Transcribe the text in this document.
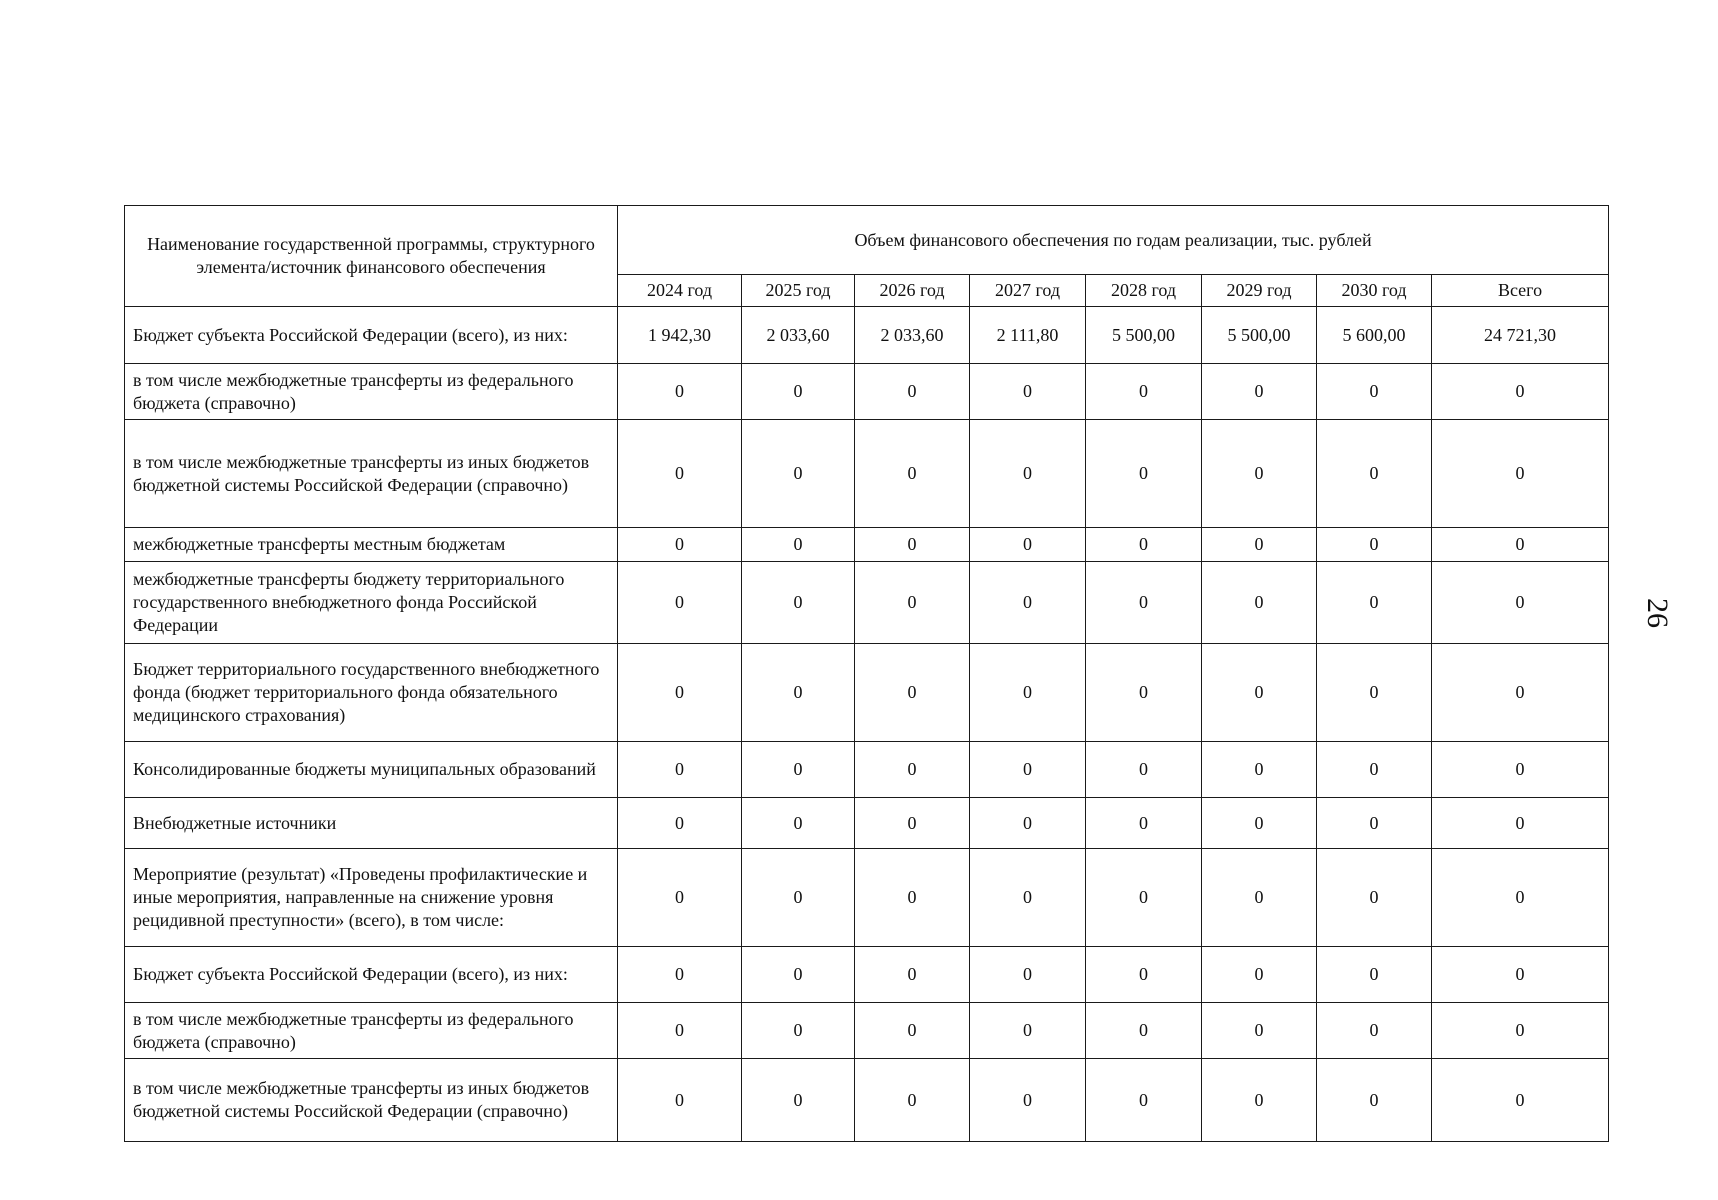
Наименование государственной программы, структурного элемента/источник финансового обеспечения	Объем финансового обеспечения по годам реализации, тыс. рублей							
	2024 год	2025 год	2026 год	2027 год	2028 год	2029 год	2030 год	Всего
Бюджет субъекта Российской Федерации (всего), из них:	1 942,30	2 033,60	2 033,60	2 111,80	5 500,00	5 500,00	5 600,00	24 721,30
в том числе межбюджетные трансферты из федерального бюджета (справочно)	0	0	0	0	0	0	0	0
в том числе межбюджетные трансферты из иных бюджетов бюджетной системы Российской Федерации (справочно)	0	0	0	0	0	0	0	0
межбюджетные трансферты местным бюджетам	0	0	0	0	0	0	0	0
межбюджетные трансферты бюджету территориального государственного внебюджетного фонда Российской Федерации	0	0	0	0	0	0	0	0
Бюджет территориального государственного внебюджетного фонда (бюджет территориального фонда обязательного медицинского страхования)	0	0	0	0	0	0	0	0
Консолидированные бюджеты муниципальных образований	0	0	0	0	0	0	0	0
Внебюджетные источники	0	0	0	0	0	0	0	0
Мероприятие (результат) «Проведены профилактические и иные мероприятия, направленные на снижение уровня рецидивной преступности» (всего), в том числе:	0	0	0	0	0	0	0	0
Бюджет субъекта Российской Федерации (всего), из них:	0	0	0	0	0	0	0	0
в том числе межбюджетные трансферты из федерального бюджета (справочно)	0	0	0	0	0	0	0	0
в том числе межбюджетные трансферты из иных бюджетов бюджетной системы Российской Федерации (справочно)	0	0	0	0	0	0	0	0
26
